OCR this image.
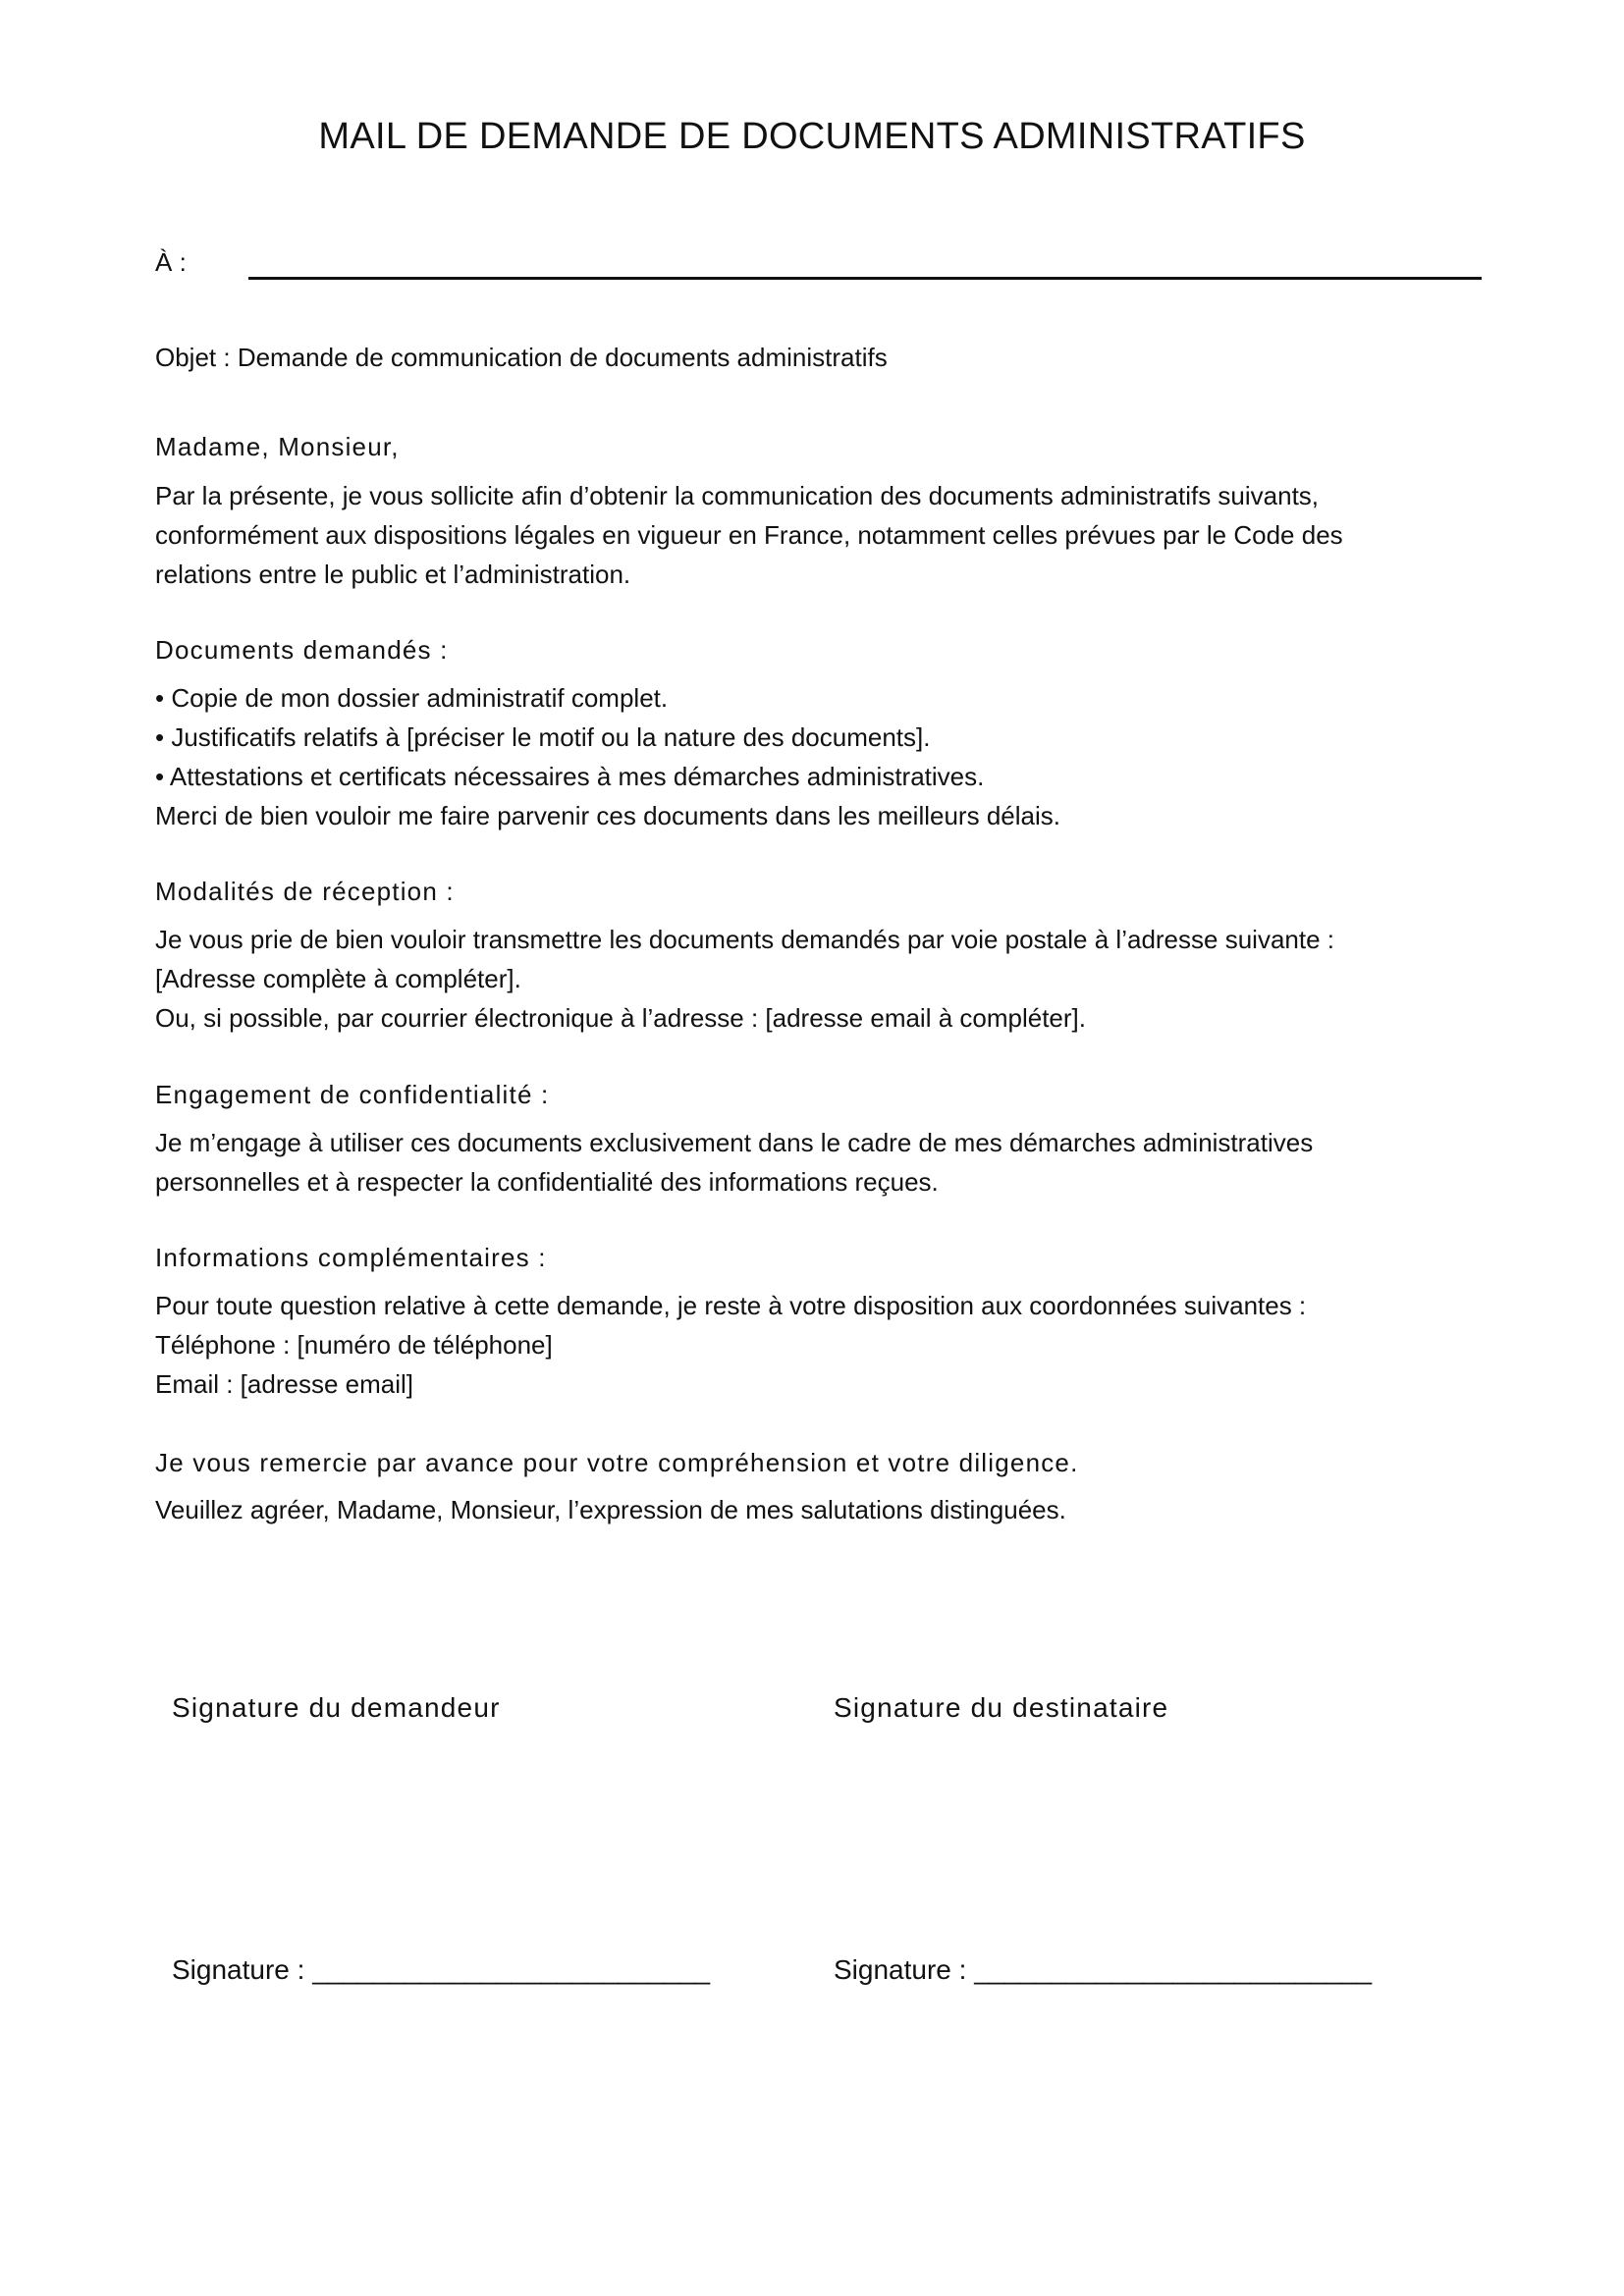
MAIL DE DEMANDE DE DOCUMENTS ADMINISTRATIFS
À :
Objet : Demande de communication de documents administratifs
Madame, Monsieur,
Par la présente, je vous sollicite afin d’obtenir la communication des documents administratifs suivants,
conformément aux dispositions légales en vigueur en France, notamment celles prévues par le Code des
relations entre le public et l’administration.
Documents demandés :
• Copie de mon dossier administratif complet.
• Justificatifs relatifs à [préciser le motif ou la nature des documents].
• Attestations et certificats nécessaires à mes démarches administratives.
Merci de bien vouloir me faire parvenir ces documents dans les meilleurs délais.
Modalités de réception :
Je vous prie de bien vouloir transmettre les documents demandés par voie postale à l’adresse suivante :
[Adresse complète à compléter].
Ou, si possible, par courrier électronique à l’adresse : [adresse email à compléter].
Engagement de confidentialité :
Je m’engage à utiliser ces documents exclusivement dans le cadre de mes démarches administratives
personnelles et à respecter la confidentialité des informations reçues.
Informations complémentaires :
Pour toute question relative à cette demande, je reste à votre disposition aux coordonnées suivantes :
Téléphone : [numéro de téléphone]
Email : [adresse email]
Je vous remercie par avance pour votre compréhension et votre diligence.
Veuillez agréer, Madame, Monsieur, l’expression de mes salutations distinguées.
Signature du demandeur	Signature du destinataire
Signature : __________________________	Signature : __________________________
